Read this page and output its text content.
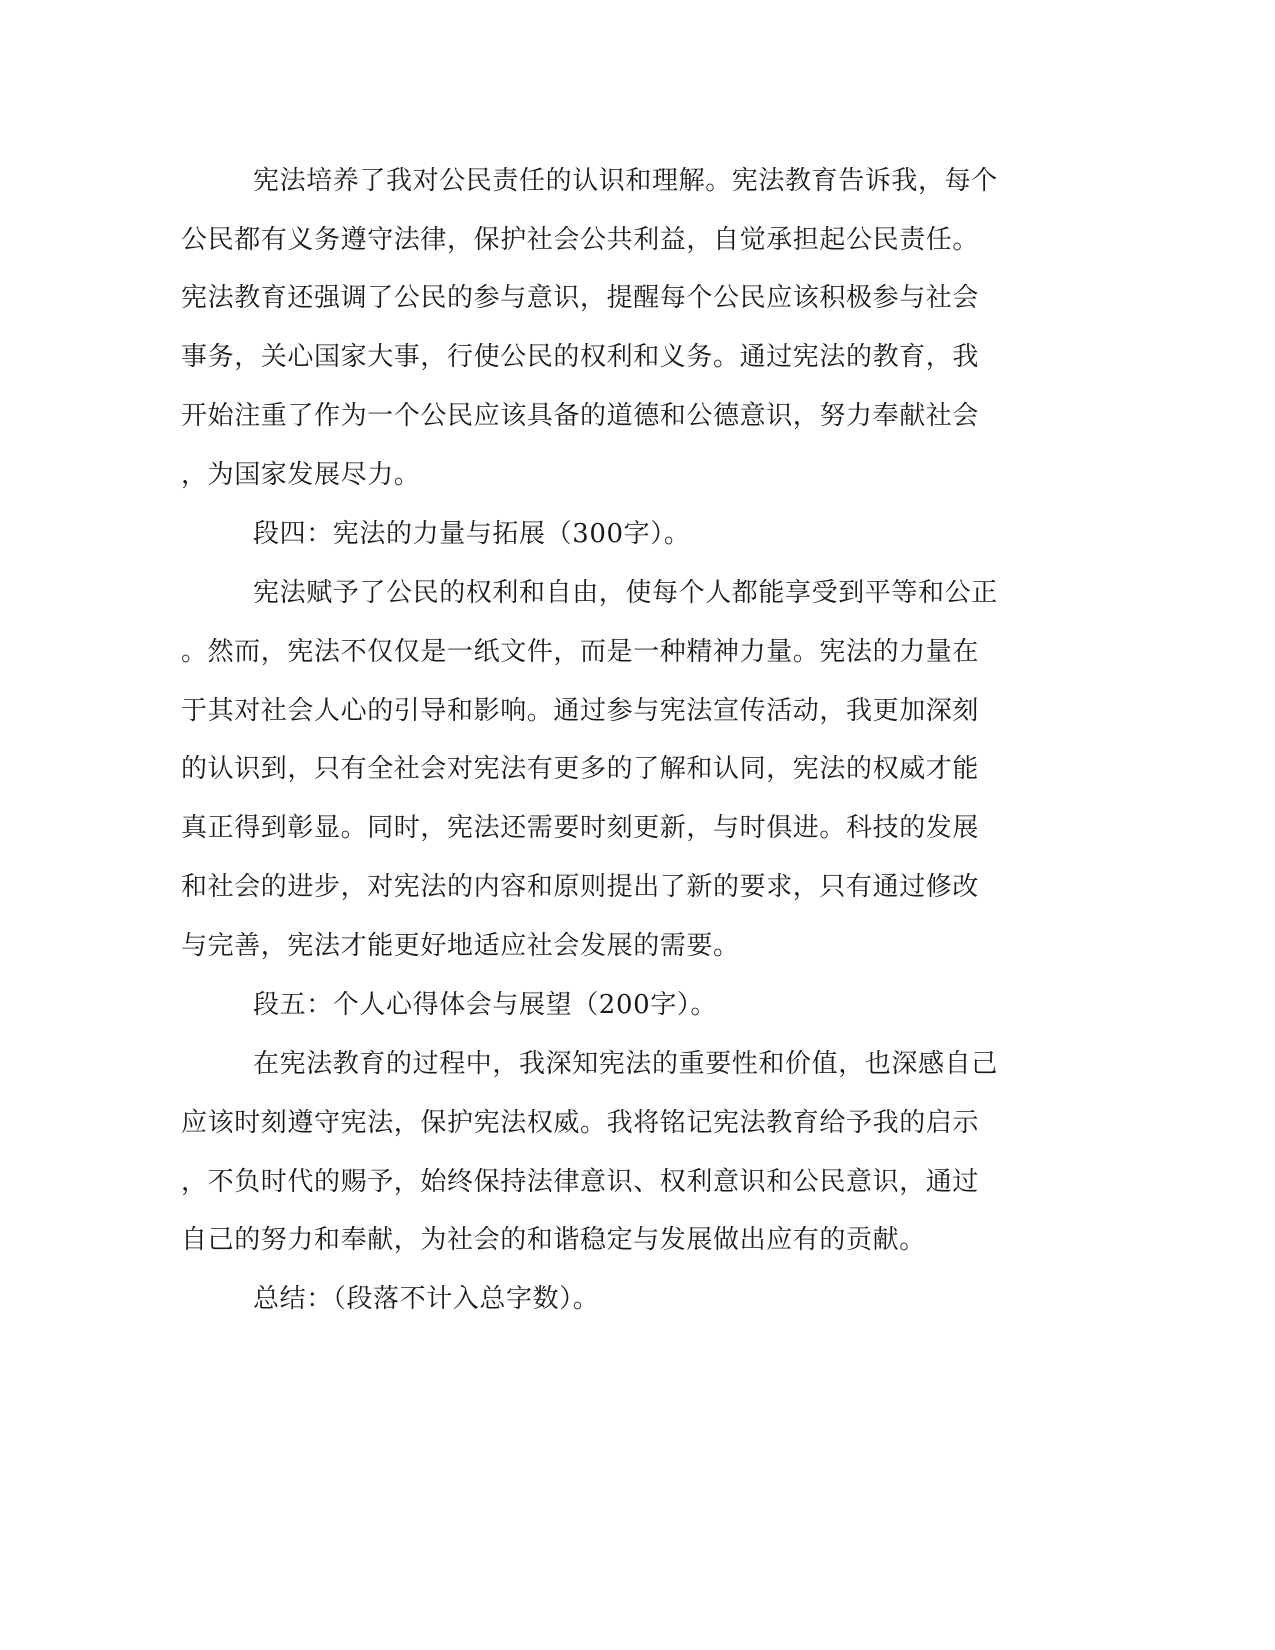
宪法培养了我对公民责任的认识和理解。宪法教育告诉我，每个
公民都有义务遵守法律，保护社会公共利益，自觉承担起公民责任。
宪法教育还强调了公民的参与意识，提醒每个公民应该积极参与社会
事务，关心国家大事，行使公民的权利和义务。通过宪法的教育，我
开始注重了作为一个公民应该具备的道德和公德意识，努力奉献社会
，为国家发展尽力。
段四：宪法的力量与拓展（300字）。
宪法赋予了公民的权利和自由，使每个人都能享受到平等和公正
。然而，宪法不仅仅是一纸文件，而是一种精神力量。宪法的力量在
于其对社会人心的引导和影响。通过参与宪法宣传活动，我更加深刻
的认识到，只有全社会对宪法有更多的了解和认同，宪法的权威才能
真正得到彰显。同时，宪法还需要时刻更新，与时俱进。科技的发展
和社会的进步，对宪法的内容和原则提出了新的要求，只有通过修改
与完善，宪法才能更好地适应社会发展的需要。
段五：个人心得体会与展望（200字）。
在宪法教育的过程中，我深知宪法的重要性和价值，也深感自己
应该时刻遵守宪法，保护宪法权威。我将铭记宪法教育给予我的启示
，不负时代的赐予，始终保持法律意识、权利意识和公民意识，通过
自己的努力和奉献，为社会的和谐稳定与发展做出应有的贡献。
总结：（段落不计入总字数）。
